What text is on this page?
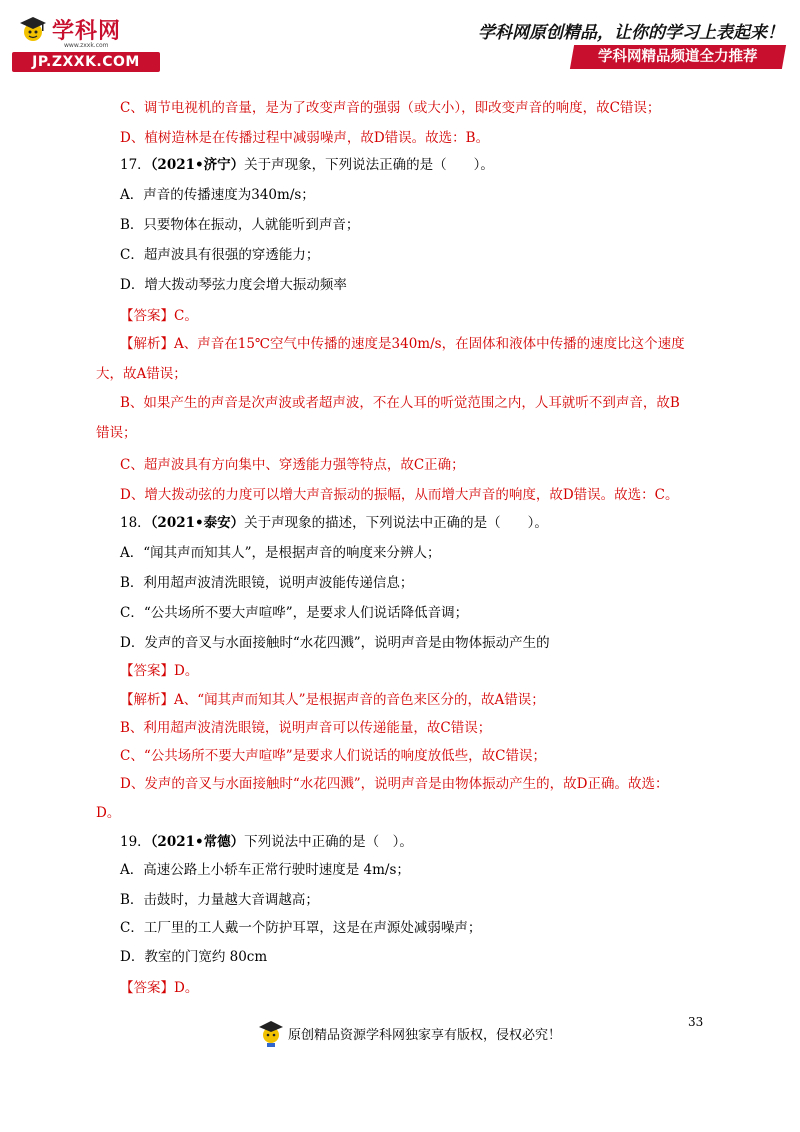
学科网
www.zxxk.com
JP.ZXXK.COM
学科网原创精品，让你的学习上表起来！
学科网精品频道全力推荐

C、调节电视机的音量，是为了改变声音的强弱（或大小），即改变声音的响度，故C错误；

D、植树造林是在传播过程中减弱噪声，故D错误。故选：B。

17．（2021•济宁）关于声现象，下列说法正确的是（　　）。

A．声音的传播速度为340m/s；

B．只要物体在振动，人就能听到声音；

C．超声波具有很强的穿透能力；

D．增大拨动琴弦力度会增大振动频率

【答案】C。

【解析】A、声音在15℃空气中传播的速度是340m/s，在固体和液体中传播的速度比这个速度

大，故A错误；

B、如果产生的声音是次声波或者超声波，不在人耳的听觉范围之内，人耳就听不到声音，故B

错误；

C、超声波具有方向集中、穿透能力强等特点，故C正确；

D、增大拨动弦的力度可以增大声音振动的振幅，从而增大声音的响度，故D错误。故选：C。

18．（2021•泰安）关于声现象的描述，下列说法中正确的是（　　）。

A．“闻其声而知其人”，是根据声音的响度来分辨人；

B．利用超声波清洗眼镜，说明声波能传递信息；

C．“公共场所不要大声喧哗”，是要求人们说话降低音调；

D．发声的音叉与水面接触时“水花四溅”，说明声音是由物体振动产生的

【答案】D。

【解析】A、“闻其声而知其人”是根据声音的音色来区分的，故A错误；

B、利用超声波清洗眼镜，说明声音可以传递能量，故C错误；

C、“公共场所不要大声喧哗”是要求人们说话的响度放低些，故C错误；

D、发声的音叉与水面接触时“水花四溅”，说明声音是由物体振动产生的，故D正确。故选：

D。

19．（2021•常德）下列说法中正确的是（　）。

A．高速公路上小轿车正常行驶时速度是 4m/s；

B．击鼓时，力量越大音调越高；

C．工厂里的工人戴一个防护耳罩，这是在声源处减弱噪声；

D．教室的门宽约 80cm

【答案】D。

33
原创精品资源学科网独家享有版权，侵权必究！
